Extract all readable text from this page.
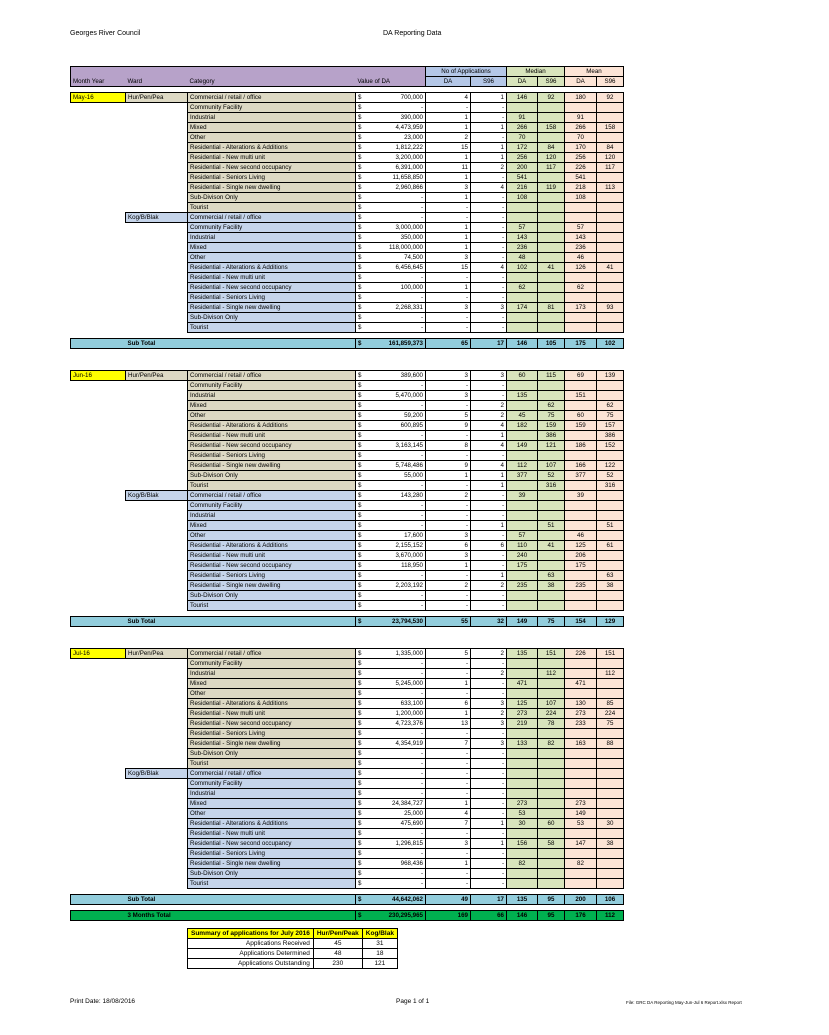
Georges River Council	DA Reporting Data
				No of Applications		Median		Mean	
Month Year	Ward	Category	Value of DA	DA	S96	DA	S96	DA	S96

May-16	Hur/Pen/Pea	Commercial / retail / office	$ 700,000	4	1	146	92	180	92
		Community Facility	$ -	-	-				
		Industrial	$ 390,000	1	-	91		91	
		Mixed	$ 4,473,959	1	1	266	158	266	158
		Other	$ 23,000	2	-	70		70	
		Residential - Alterations & Additions	$ 1,812,222	15	1	172	84	170	84
		Residential - New multi unit	$ 3,200,000	1	1	256	120	256	120
		Residential - New second occupancy	$ 6,391,000	11	2	200	117	226	117
		Residential - Seniors Living	$ 11,658,850	1	-	541		541	
		Residential - Single new dwelling	$ 2,960,866	3	4	216	119	218	113
		Sub-Divison Only	$ -	1	-	108		108	
		Tourist	$ -	-	-				
	Kog/B/Blak	Commercial / retail / office	$ -	-	-				
		Community Facility	$ 3,000,000	1	-	57		57	
		Industrial	$ 350,000	1	-	143		143	
		Mixed	$ 118,000,000	1	-	236		236	
		Other	$ 74,500	3	-	48		46	
		Residential - Alterations & Additions	$ 6,456,645	15	4	102	41	126	41
		Residential - New multi unit	$ -	-	-				
		Residential - New second occupancy	$ 100,000	1	-	62		62	
		Residential - Seniors Living	$ -	-	-				
		Residential - Single new dwelling	$ 2,268,331	3	3	174	81	173	93
		Sub-Divison Only	$ -	-	-				
		Tourist	$ -	-	-				

	Sub Total		$ 161,859,373	65	17	146	105	175	102

Jun-16	Hur/Pen/Pea	Commercial / retail / office	$ 389,600	3	3	60	115	69	139
		Community Facility	$ -	-	-				
		Industrial	$ 5,470,000	3	-	135		151	
		Mixed	$ -	-	2		62		62
		Other	$ 59,200	5	2	45	75	60	75
		Residential - Alterations & Additions	$ 600,895	9	4	182	159	159	157
		Residential - New multi unit	$ -	-	1		386		386
		Residential - New second occupancy	$ 3,163,145	8	4	149	121	186	152
		Residential - Seniors Living	$ -	-	-				
		Residential - Single new dwelling	$ 5,748,486	9	4	112	107	166	122
		Sub-Divison Only	$ 55,000	1	1	377	52	377	52
		Tourist	$ -	-	1		316		316
	Kog/B/Blak	Commercial / retail / office	$ 143,280	2	-	39		39	
		Community Facility	$ -	-	-				
		Industrial	$ -	-	-				
		Mixed	$ -	-	1		51		51
		Other	$ 17,600	3	-	57		46	
		Residential - Alterations & Additions	$ 2,155,152	6	6	110	41	125	61
		Residential - New multi unit	$ 3,670,000	3	-	240		206	
		Residential - New second occupancy	$ 118,950	1	-	175		175	
		Residential - Seniors Living	$ -	-	1		63		63
		Residential - Single new dwelling	$ 2,203,192	2	2	235	38	235	38
		Sub-Divison Only	$ -	-	-				
		Tourist	$ -	-	-				

	Sub Total		$ 23,794,530	55	32	149	75	154	129

Jul-16	Hur/Pen/Pea	Commercial / retail / office	$ 1,335,000	5	2	135	151	226	151
		Community Facility	$ -	-	-				
		Industrial	$ -	-	2		112		112
		Mixed	$ 5,245,000	1	-	471		471	
		Other	$ -	-	-				
		Residential - Alterations & Additions	$ 633,100	6	3	125	107	130	85
		Residential - New multi unit	$ 1,200,000	1	2	273	224	273	224
		Residential - New second occupancy	$ 4,723,376	13	3	219	78	233	75
		Residential - Seniors Living	$ -	-	-				
		Residential - Single new dwelling	$ 4,354,919	7	3	133	82	163	88
		Sub-Divison Only	$ -	-	-				
		Tourist	$ -	-	-				
	Kog/B/Blak	Commercial / retail / office	$ -	-	-				
		Community Facility	$ -	-	-				
		Industrial	$ -	-	-				
		Mixed	$ 24,384,727	1	-	273		273	
		Other	$ 25,000	4	-	53		149	
		Residential - Alterations & Additions	$ 475,690	7	1	30	60	53	30
		Residential - New multi unit	$ -	-	-				
		Residential - New second occupancy	$ 1,296,815	3	1	156	58	147	38
		Residential - Seniors Living	$ -	-	-				
		Residential - Single new dwelling	$ 968,436	1	-	82		82	
		Sub-Divison Only	$ -	-	-				
		Tourist	$ -	-	-				

	Sub Total		$ 44,642,062	49	17	135	95	200	106

	3 Months Total		$ 230,295,965	169	66	146	95	176	112
Summary of applications for July 2016	Hur/Pen/Peak	Kog/Blak
Applications Received	45	31
Applications Determined	48	18
Applications Outstanding	230	121
Print Date: 18/08/2016	Page 1 of 1	File: GRC DA Reporting May-Jun-Jul 6 Report.xlsx Report
